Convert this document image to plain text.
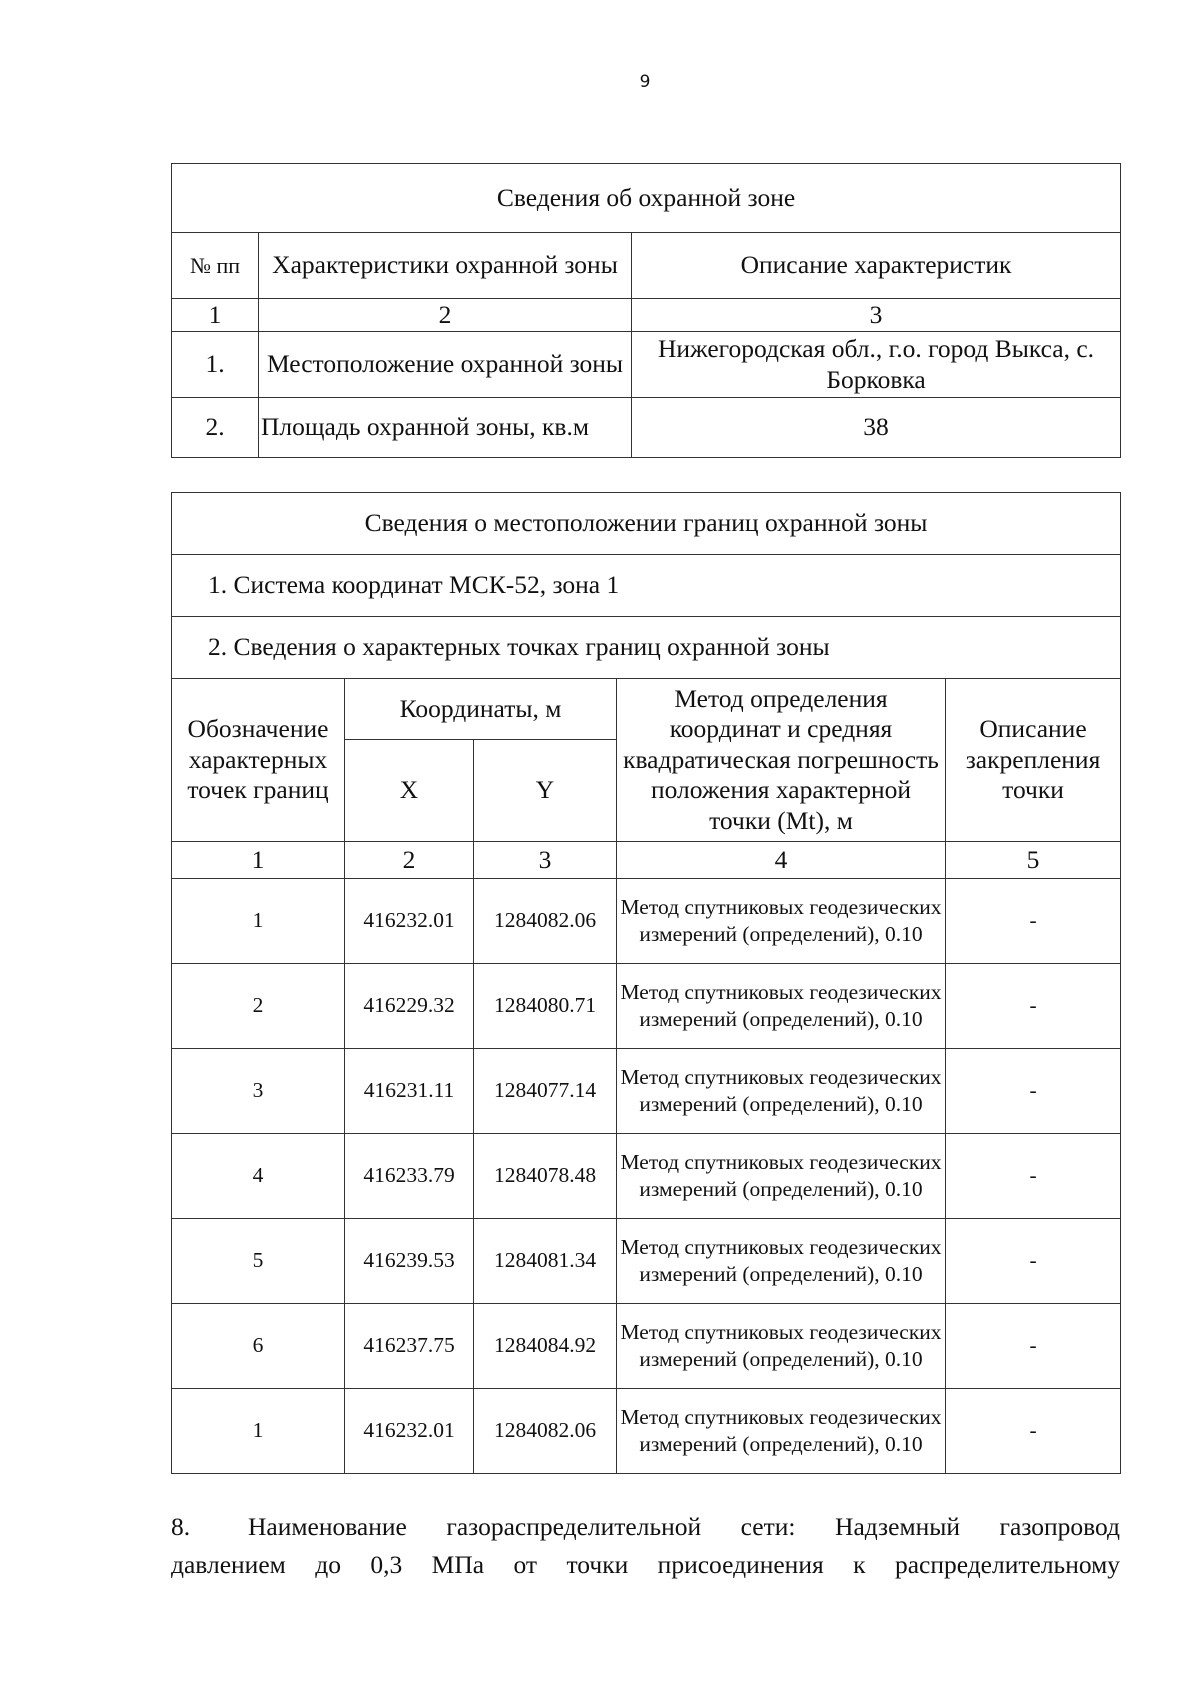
9
Сведения об охранной зоне		
№ пп	Характеристики охранной зоны	Описание характеристик
1	2	3
1.	Местоположение охранной зоны	Нижегородская обл., г.о. город Выкса, с. Борковка
2.	Площадь охранной зоны, кв.м	38
Сведения о местоположении границ охранной зоны				
1. Система координат МСК-52, зона 1				
2. Сведения о характерных точках границ охранной зоны				
Обозначение характерных точек границ	Координаты, м		Метод определения координат и средняя квадратическая погрешность положения характерной точки (Mt), м	Описание закрепления точки
	X	Y		
1	2	3	4	5
1	416232.01	1284082.06	Метод спутниковых геодезических измерений (определений), 0.10	-
2	416229.32	1284080.71	Метод спутниковых геодезических измерений (определений), 0.10	-
3	416231.11	1284077.14	Метод спутниковых геодезических измерений (определений), 0.10	-
4	416233.79	1284078.48	Метод спутниковых геодезических измерений (определений), 0.10	-
5	416239.53	1284081.34	Метод спутниковых геодезических измерений (определений), 0.10	-
6	416237.75	1284084.92	Метод спутниковых геодезических измерений (определений), 0.10	-
1	416232.01	1284082.06	Метод спутниковых геодезических измерений (определений), 0.10	-
8. Наименование газораспределительной сети: Надземный газопровод
давлением до 0,3 МПа от точки присоединения к распределительному
